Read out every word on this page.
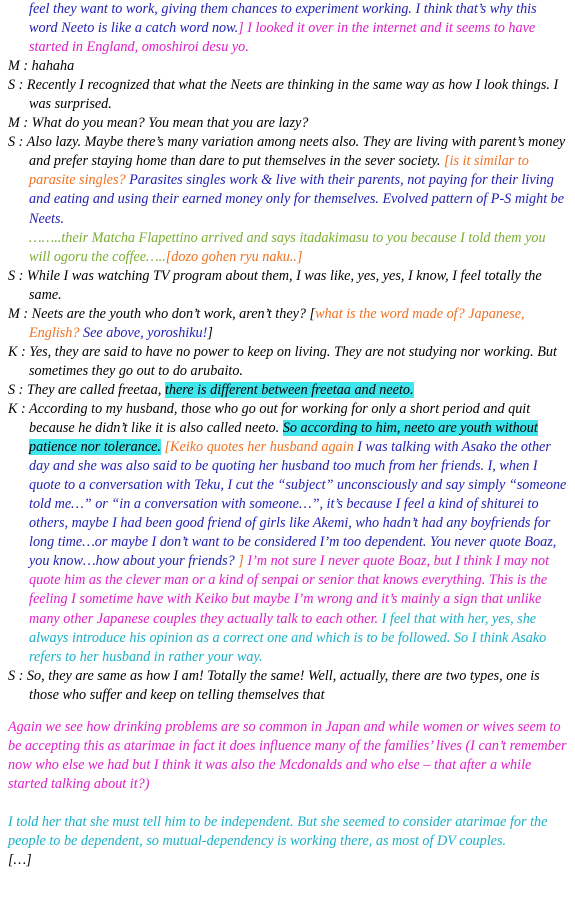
feel they want to work, giving them chances to experiment working. I think that’s why this word Neeto is like a catch word now.] I looked it over in the internet and it seems to have started in England, omoshiroi desu yo.
M : hahaha
S : Recently I recognized that what the Neets are thinking in the same way as how I look things. I was surprised.
M : What do you mean? You mean that you are lazy?
S : Also lazy. Maybe there’s many variation among neets also. They are living with parent’s money and prefer staying home than dare to put themselves in the sever society. [is it similar to parasite singles? Parasites singles work & live with their parents, not paying for their living and eating and using their earned money only for themselves. Evolved pattern of P-S might be Neets.
……..their Matcha Flapettino arrived and says itadakimasu to you because I told them you will ogoru the coffee…..[dozo gohen ryu naku..]
S : While I was watching TV program about them, I was like, yes, yes, I know, I feel totally the same.
M : Neets are the youth who don’t work, aren’t they? [what is the word made of? Japanese, English? See above, yoroshiku!]
K : Yes, they are said to have no power to keep on living. They are not studying nor working. But sometimes they go out to do arubaito.
S : They are called freetaa, there is different between freetaa and neeto.
K : According to my husband, those who go out for working for only a short period and quit because he didn’t like it is also called neeto. So according to him, neeto are youth without patience nor tolerance. [Keiko quotes her husband again I was talking with Asako the other day and she was also said to be quoting her husband too much from her friends. I, when I quote to a conversation with Teku, I cut the “subject” unconsciously and say simply “someone told me…” or “in a conversation with someone…”, it’s because I feel a kind of shiturei to others, maybe I had been good friend of girls like Akemi, who hadn’t had any boyfriends for long time…or maybe I don’t want to be considered I’m too dependent. You never quote Boaz, you know…how about your friends? ] I’m not sure I never quote Boaz, but I think I may not quote him as the clever man or a kind of senpai or senior that knows everything. This is the feeling I sometime have with Keiko but maybe I’m wrong and it’s mainly a sign that unlike many other Japanese couples they actually talk to each other. I feel that with her, yes, she always introduce his opinion as a correct one and which is to be followed. So I think Asako refers to her husband in rather your way.
S : So, they are same as how I am! Totally the same! Well, actually, there are two types, one is those who suffer and keep on telling themselves that
Again we see how drinking problems are so common in Japan and while women or wives seem to be accepting this as atarimae in fact it does influence many of the families’ lives (I can’t remember now who else we had but I think it was also the Mcdonalds and who else – that after a while started talking about it?)
I told her that she must tell him to be independent. But she seemed to consider atarimae for the people to be dependent, so mutual-dependency is working there, as most of DV couples.
[…]
